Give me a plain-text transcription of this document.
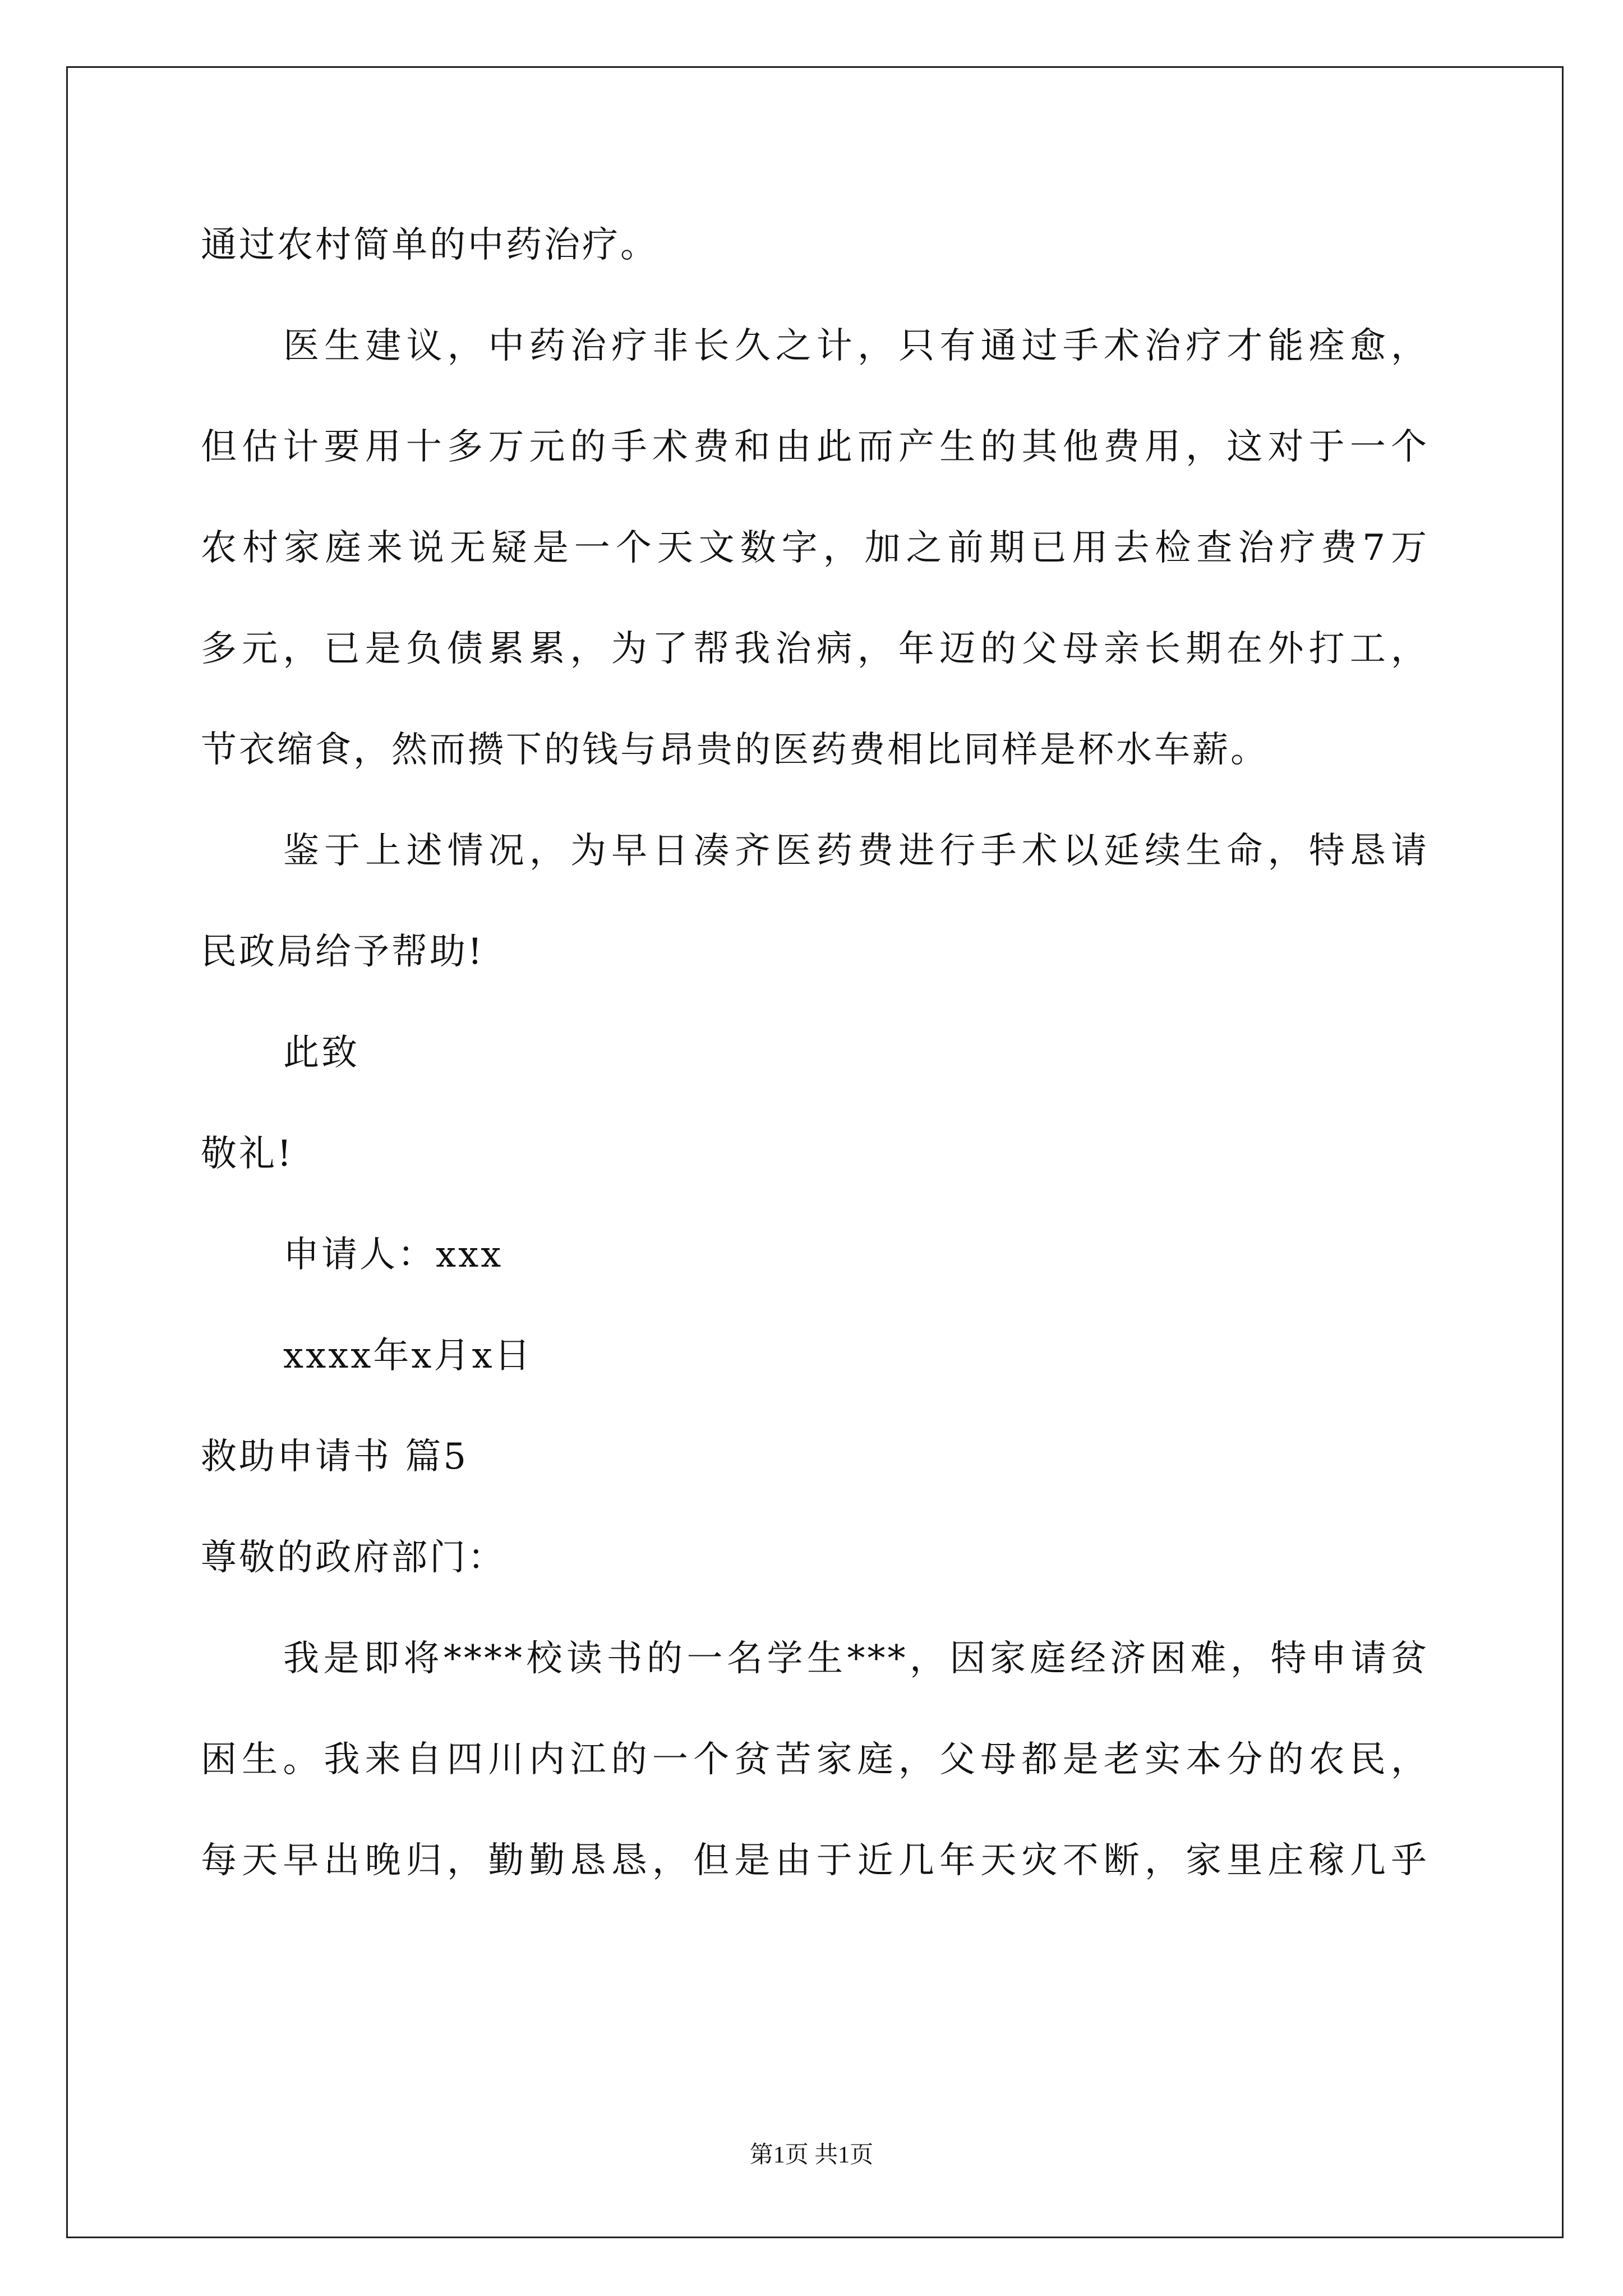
通过农村简单的中药治疗。
医生建议，中药治疗非长久之计，只有通过手术治疗才能痊愈，
但估计要用十多万元的手术费和由此而产生的其他费用，这对于一个
农村家庭来说无疑是一个天文数字，加之前期已用去检查治疗费7万
多元，已是负债累累，为了帮我治病，年迈的父母亲长期在外打工，
节衣缩食，然而攒下的钱与昂贵的医药费相比同样是杯水车薪。
鉴于上述情况，为早日凑齐医药费进行手术以延续生命，特恳请
民政局给予帮助!
此致
敬礼!
申请人：xxx
xxxx年x月x日
救助申请书 篇5
尊敬的政府部门：
我是即将****校读书的一名学生***，因家庭经济困难，特申请贫
困生。我来自四川内江的一个贫苦家庭，父母都是老实本分的农民，
每天早出晚归，勤勤恳恳，但是由于近几年天灾不断，家里庄稼几乎
第1页 共1页
